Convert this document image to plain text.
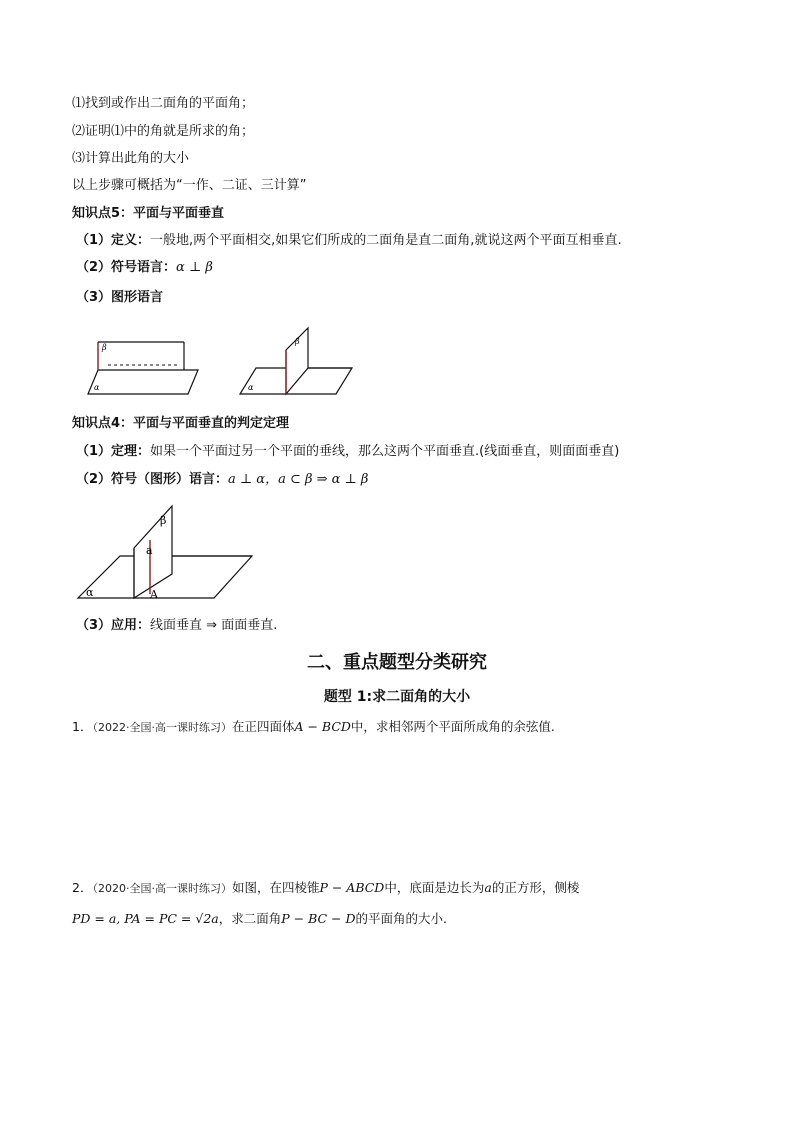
⑴找到或作出二面角的平面角；
⑵证明⑴中的角就是所求的角；
⑶计算出此角的大小
以上步骤可概括为“一作、二证、三计算”
知识点5：平面与平面垂直
（1）定义：一般地,两个平面相交,如果它们所成的二面角是直二面角,就说这两个平面互相垂直.
（2）符号语言：α ⊥ β
（3）图形语言
β
α
β
α
知识点4：平面与平面垂直的判定定理
（1）定理：如果一个平面过另一个平面的垂线，那么这两个平面垂直.(线面垂直，则面面垂直)
（2）符号（图形）语言：a ⊥ α，a ⊂ β ⇒ α ⊥ β
β
a
α	A
（3）应用：线面垂直 ⇒ 面面垂直.
二、重点题型分类研究
题型 1:求二面角的大小
1．（2022·全国·高一课时练习）在正四面体A − BCD中，求相邻两个平面所成角的余弦值.
2．（2020·全国·高一课时练习）如图，在四棱锥P − ABCD中，底面是边长为a的正方形，侧棱
PD = a, PA = PC = √2a，求二面角P − BC − D的平面角的大小.
